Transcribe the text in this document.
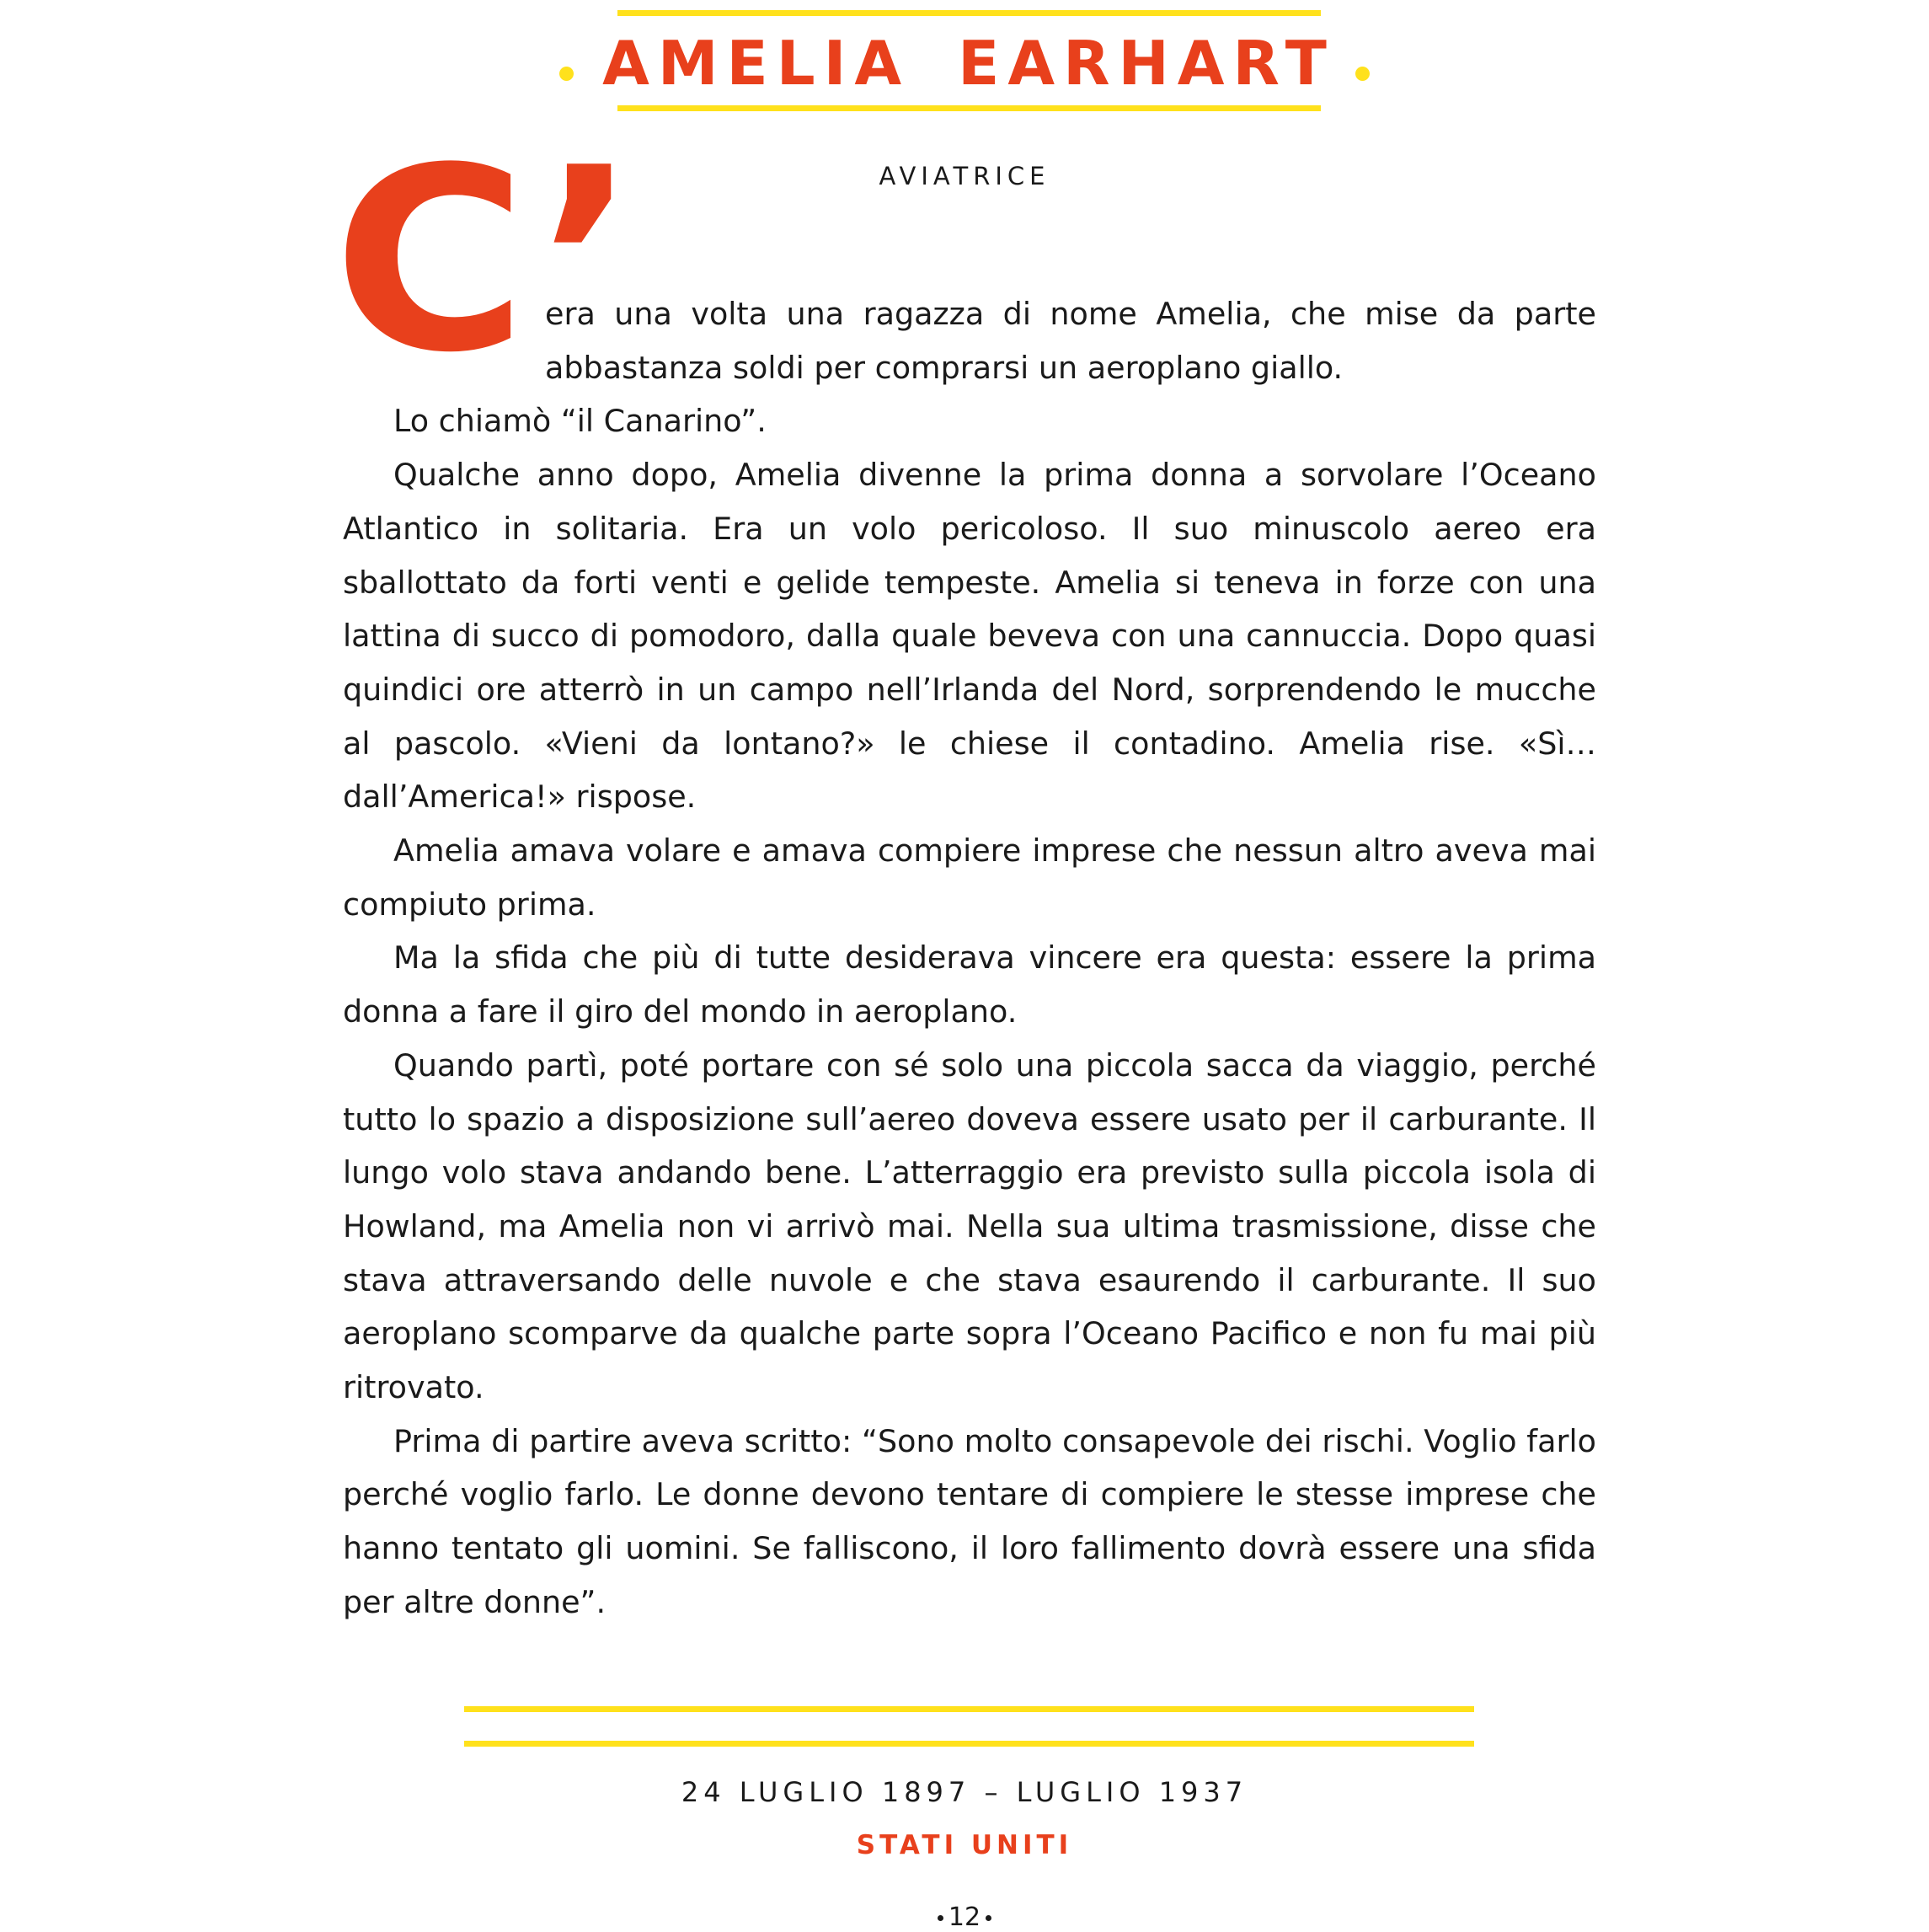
AMELIA EARHART
AVIATRICE
C’

era una volta una ragazza di nome Amelia, che mise da parte abbastanza soldi per comprarsi un aeroplano giallo.

Lo chiamò “il Canarino”.

Qualche anno dopo, Amelia divenne la prima donna a sorvolare l’Oceano Atlantico in solitaria. Era un volo pericoloso. Il suo minuscolo aereo era sballottato da forti venti e gelide tempeste. Amelia si teneva in forze con una lattina di succo di pomodoro, dalla quale beveva con una cannuccia. Dopo quasi quindici ore atterrò in un campo nell’Irlanda del Nord, sorprendendo le mucche al pascolo. «Vieni da lontano?» le chiese il contadino. Amelia rise. «Sì… dall’America!» rispose.

Amelia amava volare e amava compiere imprese che nessun altro aveva mai compiuto prima.

Ma la sfida che più di tutte desiderava vincere era questa: essere la prima donna a fare il giro del mondo in aeroplano.

Quando partì, poté portare con sé solo una piccola sacca da viaggio, perché tutto lo spazio a disposizione sull’aereo doveva essere usato per il carburante. Il lungo volo stava andando bene. L’atterraggio era previsto sulla piccola isola di Howland, ma Amelia non vi arrivò mai. Nella sua ultima trasmissione, disse che stava attraversando delle nuvole e che stava esaurendo il carburante. Il suo aeroplano scomparve da qualche parte sopra l’Oceano Pacifico e non fu mai più ritrovato.

Prima di partire aveva scritto: “Sono molto consapevole dei rischi. Voglio farlo perché voglio farlo. Le donne devono tentare di compiere le stesse imprese che hanno tentato gli uomini. Se falliscono, il loro fallimento dovrà essere una sfida per altre donne”.

24 LUGLIO 1897 – LUGLIO 1937
STATI UNITI
12
